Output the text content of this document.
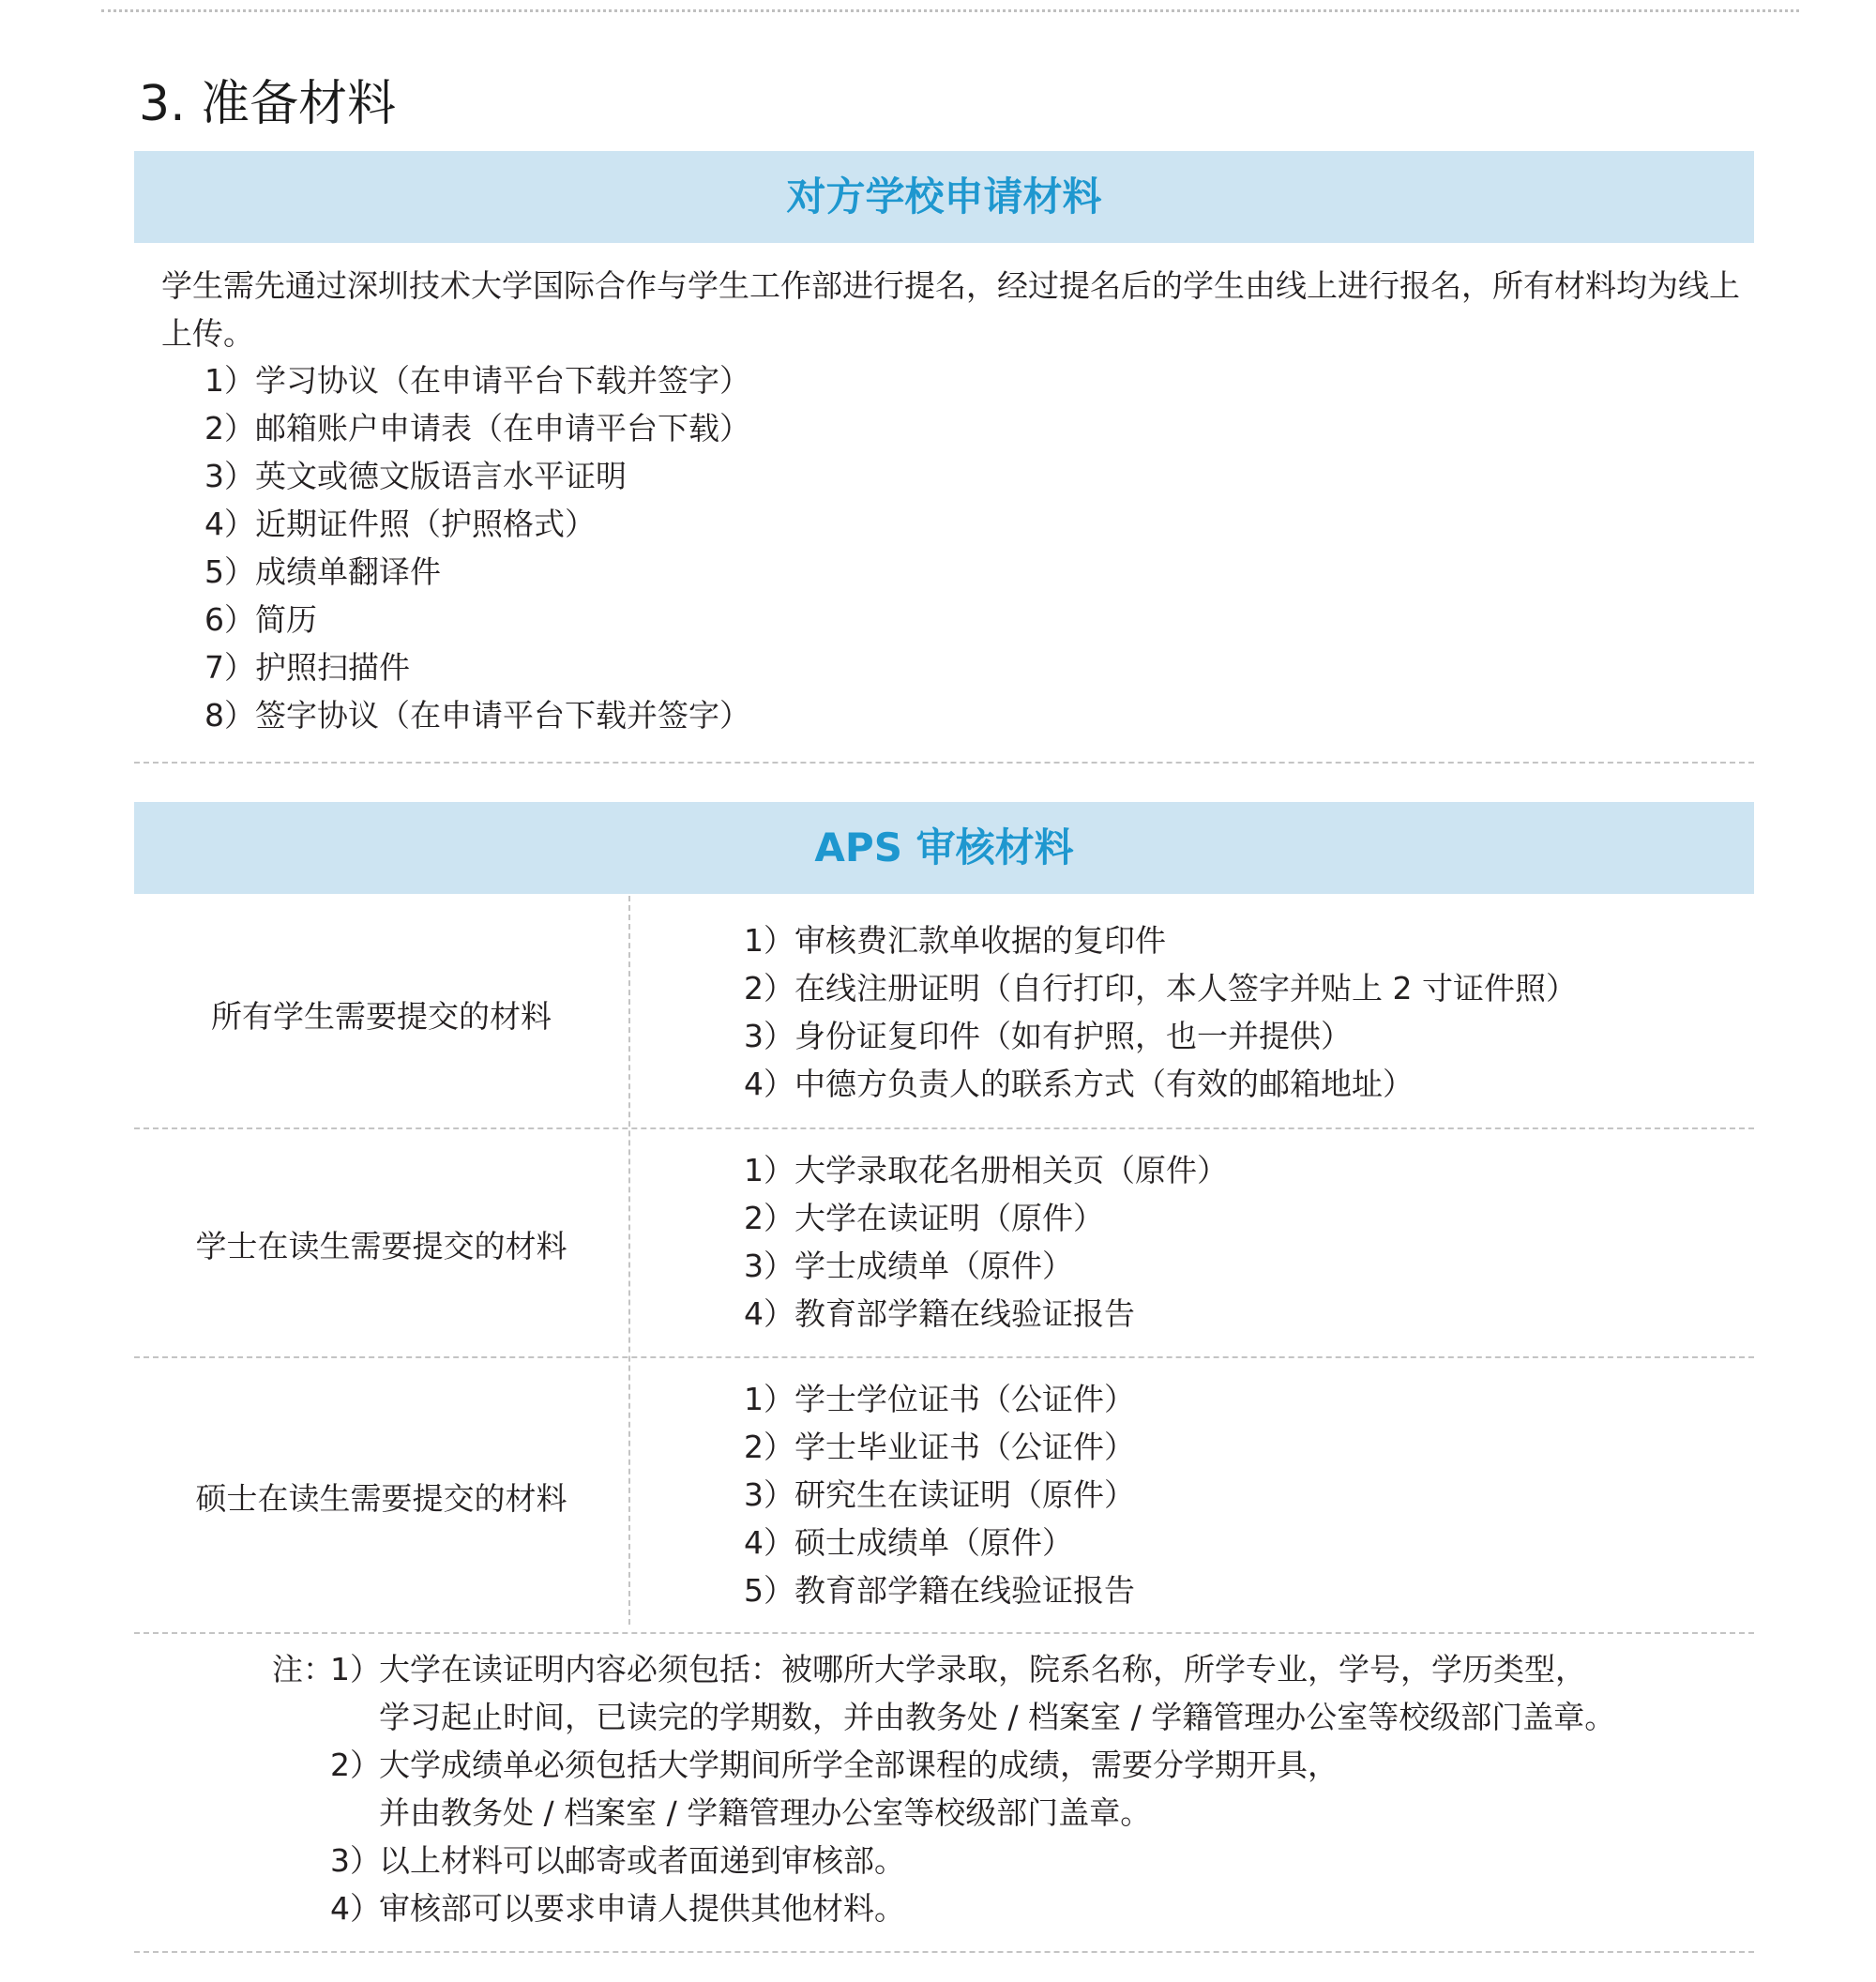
3. 准备材料
对方学校申请材料
学生需先通过深圳技术大学国际合作与学生工作部进行提名，经过提名后的学生由线上进行报名，所有材料均为线上上传。
1）学习协议（在申请平台下载并签字）
2）邮箱账户申请表（在申请平台下载）
3）英文或德文版语言水平证明
4）近期证件照（护照格式）
5）成绩单翻译件
6）简历
7）护照扫描件
8）签字协议（在申请平台下载并签字）
APS 审核材料
所有学生需要提交的材料
1）审核费汇款单收据的复印件
2）在线注册证明（自行打印，本人签字并贴上 2 寸证件照）
3）身份证复印件（如有护照，也一并提供）
4）中德方负责人的联系方式（有效的邮箱地址）
学士在读生需要提交的材料
1）大学录取花名册相关页（原件）
2）大学在读证明（原件）
3）学士成绩单（原件）
4）教育部学籍在线验证报告
硕士在读生需要提交的材料
1）学士学位证书（公证件）
2）学士毕业证书（公证件）
3）研究生在读证明（原件）
4）硕士成绩单（原件）
5）教育部学籍在线验证报告
注：
1）
大学在读证明内容必须包括：被哪所大学录取，院系名称，所学专业，学号，学历类型，
学习起止时间，已读完的学期数，并由教务处 / 档案室 / 学籍管理办公室等校级部门盖章。
2）
大学成绩单必须包括大学期间所学全部课程的成绩，需要分学期开具，
并由教务处 / 档案室 / 学籍管理办公室等校级部门盖章。
3）
以上材料可以邮寄或者面递到审核部。
4）
审核部可以要求申请人提供其他材料。
